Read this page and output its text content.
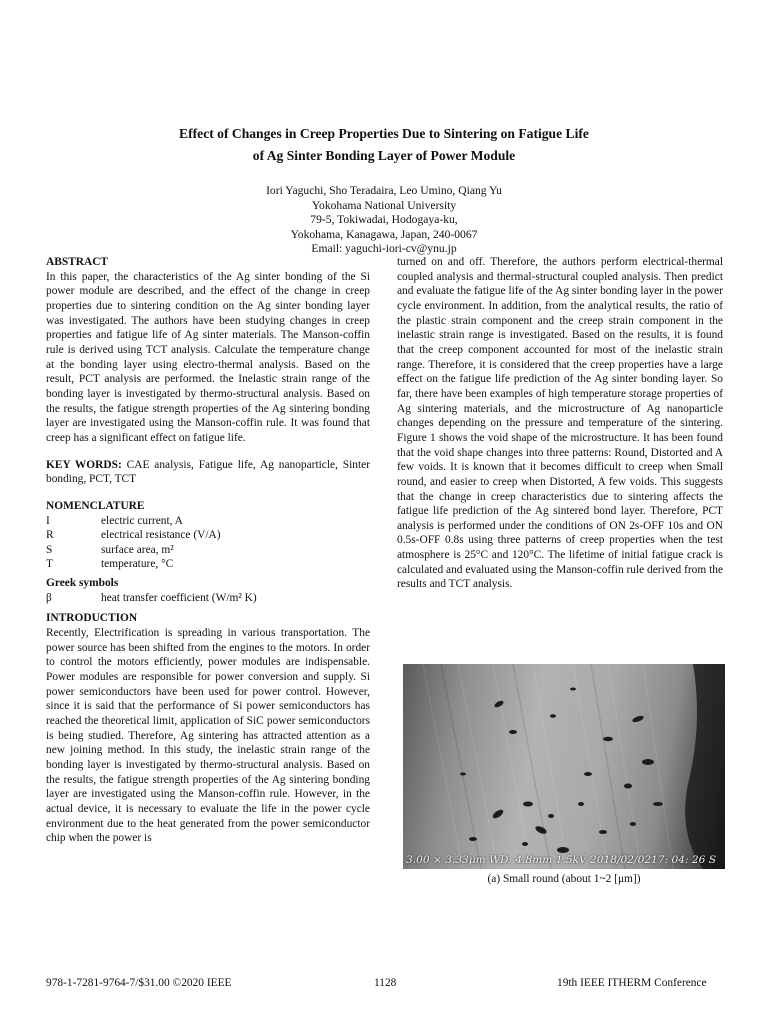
Effect of Changes in Creep Properties Due to Sintering on Fatigue Life
of Ag Sinter Bonding Layer of Power Module
Iori Yaguchi, Sho Teradaira, Leo Umino, Qiang Yu
Yokohama National University
79-5, Tokiwadai, Hodogaya-ku,
Yokohama, Kanagawa, Japan, 240-0067
Email: yaguchi-iori-cv@ynu.jp
ABSTRACT

In this paper, the characteristics of the Ag sinter bonding of the Si power module are described, and the effect of the change in creep properties due to sintering condition on the Ag sinter bonding layer was investigated. The authors have been studying changes in creep properties and fatigue life of Ag sinter materials. The Manson-coffin rule is derived using TCT analysis. Calculate the temperature change at the bonding layer using electro-thermal analysis. Based on the result, PCT analysis are performed. the Inelastic strain range of the bonding layer is investigated by thermo-structural analysis. Based on the results, the fatigue strength properties of the Ag sintering bonding layer are investigated using the Manson-coffin rule. It was found that creep has a significant effect on fatigue life.

KEY WORDS: CAE analysis, Fatigue life, Ag nanoparticle, Sinter bonding, PCT, TCT

NOMENCLATURE
I	electric current, A
R	electrical resistance (V/A)
S	surface area, m²
T	temperature, °C
Greek symbols
β	heat transfer coefficient (W/m² K)
INTRODUCTION

Recently, Electrification is spreading in various transportation. The power source has been shifted from the engines to the motors. In order to control the motors efficiently, power modules are indispensable. Power modules are responsible for power conversion and supply. Si power semiconductors have been used for power control. However, since it is said that the performance of Si power semiconductors has reached the theoretical limit, application of SiC power semiconductors is being studied. Therefore, Ag sintering has attracted attention as a new joining method. In this study, the inelastic strain range of the bonding layer is investigated by thermo-structural analysis. Based on the results, the fatigue strength properties of the Ag sintering bonding layer are investigated using the Manson-coffin rule. However, in the actual device, it is necessary to evaluate the life in the power cycle environment due to the heat generated from the power semiconductor chip when the power is

turned on and off. Therefore, the authors perform electrical-thermal coupled analysis and thermal-structural coupled analysis. Then predict and evaluate the fatigue life of the Ag sinter bonding layer in the power cycle environment. In addition, from the analytical results, the ratio of the plastic strain component and the creep strain component in the inelastic strain range is investigated. Based on the results, it is found that the creep component accounted for most of the inelastic strain range. Therefore, it is considered that the creep properties have a large effect on the fatigue life prediction of the Ag sinter bonding layer. So far, there have been examples of high temperature storage properties of Ag sintering materials, and the microstructure of Ag nanoparticle changes depending on the pressure and temperature of the sintering. Figure 1 shows the void shape of the microstructure. It has been found that the void shape changes into three patterns: Round, Distorted and A few voids. It is known that it becomes difficult to creep when Small round, and easier to creep when Distorted, A few voids. This suggests that the change in creep characteristics due to sintering affects the fatigue life prediction of the Ag sintered bond layer. Therefore, PCT analysis is performed under the conditions of ON 2s-OFF 10s and ON 0.5s-OFF 0.8s using three patterns of creep properties when the test atmosphere is 25°C and 120°C. The lifetime of initial fatigue crack is calculated and evaluated using the Manson-coffin rule derived from the results and TCT analysis.

3.00 × 3.33μm WD: 4.8mm 1.5kV 2018/02/0217: 04: 26 S
(a) Small round (about 1~2 [μm])
978-1-7281-9764-7/$31.00 ©2020 IEEE	1128	19th IEEE ITHERM Conference
